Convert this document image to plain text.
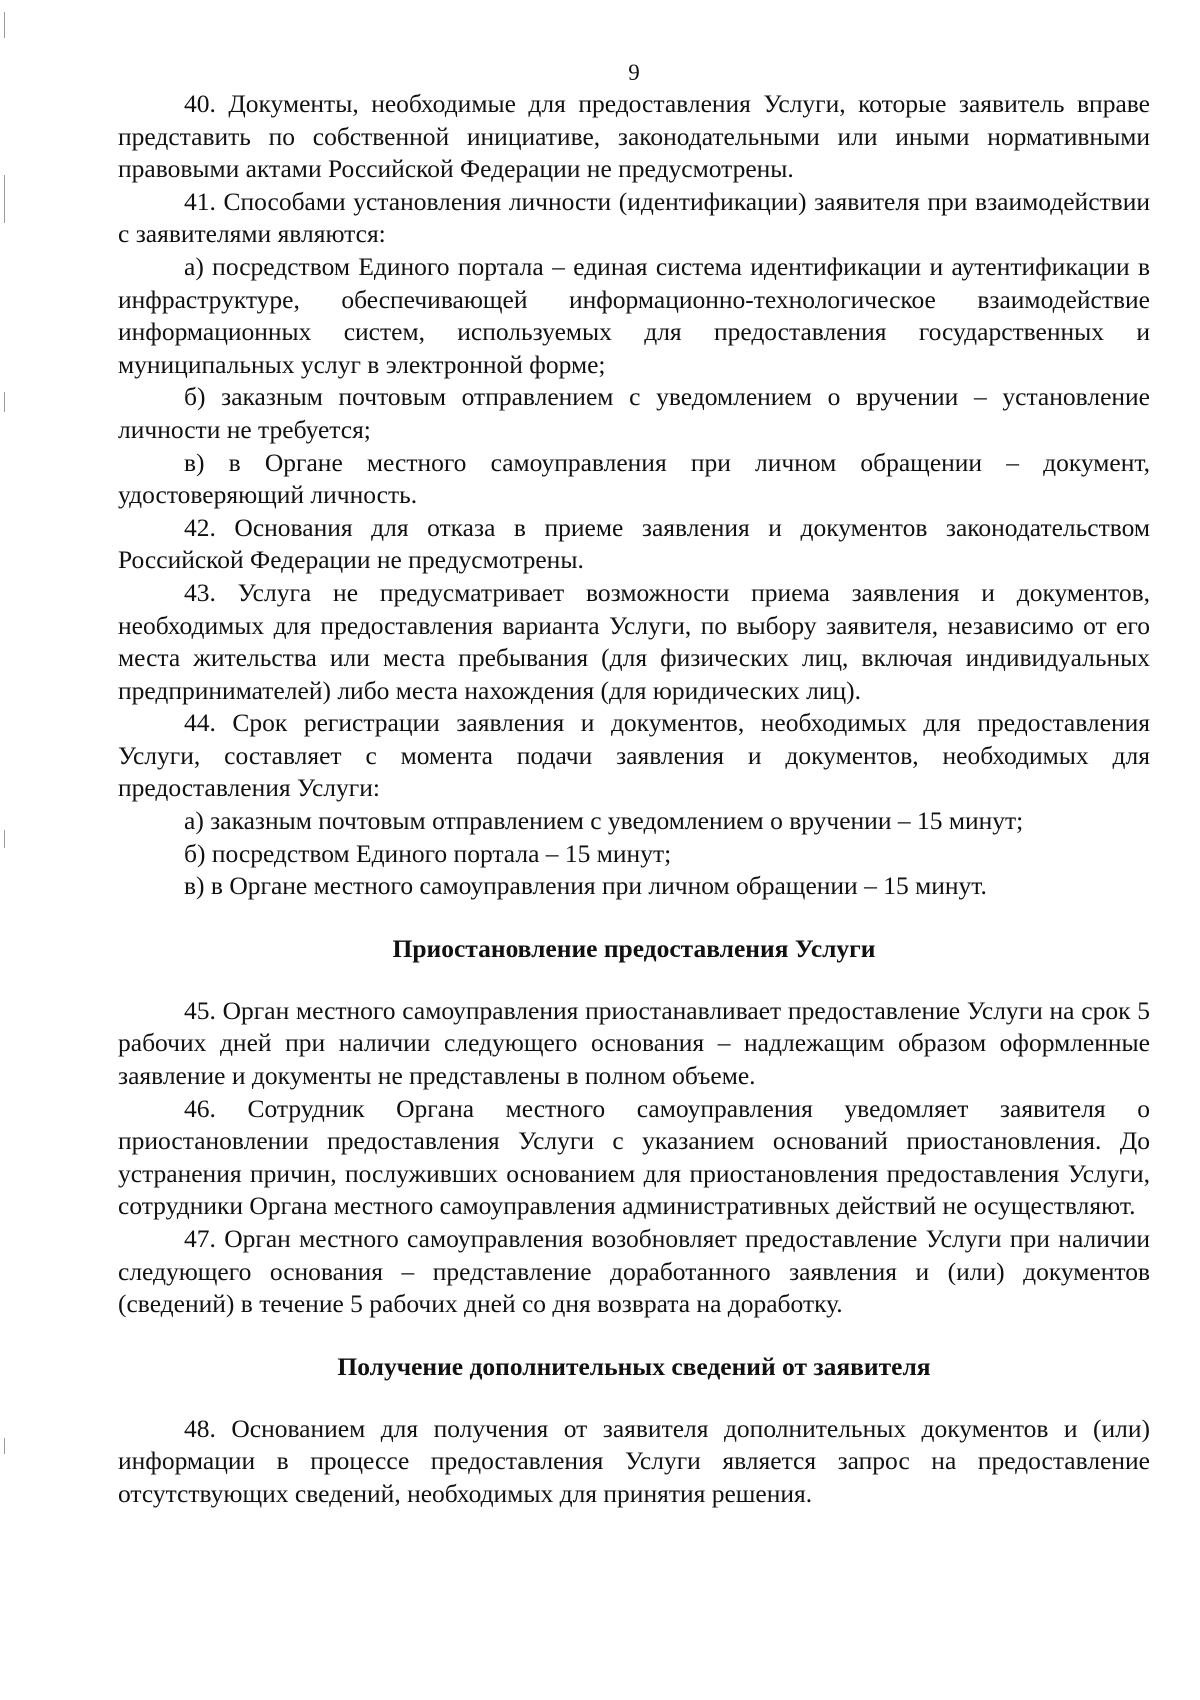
9

40. Документы, необходимые для предоставления Услуги, которые заявитель вправе представить по собственной инициативе, законодательными или иными нормативными правовыми актами Российской Федерации не предусмотрены.

41. Способами установления личности (идентификации) заявителя при взаимодействии с заявителями являются:

а) посредством Единого портала – единая система идентификации и аутентификации в инфраструктуре, обеспечивающей информационно-технологическое взаимодействие информационных систем, используемых для предоставления государственных и муниципальных услуг в электронной форме;

б) заказным почтовым отправлением с уведомлением о вручении – установление личности не требуется;

в) в Органе местного самоуправления при личном обращении – документ, удостоверяющий личность.

42. Основания для отказа в приеме заявления и документов законодательством Российской Федерации не предусмотрены.

43. Услуга не предусматривает возможности приема заявления и документов, необходимых для предоставления варианта Услуги, по выбору заявителя, независимо от его места жительства или места пребывания (для физических лиц, включая индивидуальных предпринимателей) либо места нахождения (для юридических лиц).

44. Срок регистрации заявления и документов, необходимых для предоставления Услуги, составляет с момента подачи заявления и документов, необходимых для предоставления Услуги:

а) заказным почтовым отправлением с уведомлением о вручении – 15 минут;

б) посредством Единого портала – 15 минут;

в) в Органе местного самоуправления при личном обращении – 15 минут.

Приостановление предоставления Услуги

45. Орган местного самоуправления приостанавливает предоставление Услуги на срок 5 рабочих дней при наличии следующего основания – надлежащим образом оформленные заявление и документы не представлены в полном объеме.

46. Сотрудник Органа местного самоуправления уведомляет заявителя о приостановлении предоставления Услуги с указанием оснований приостановления. До устранения причин, послуживших основанием для приостановления предоставления Услуги, сотрудники Органа местного самоуправления административных действий не осуществляют.

47. Орган местного самоуправления возобновляет предоставление Услуги при наличии следующего основания – представление доработанного заявления и (или) документов (сведений) в течение 5 рабочих дней со дня возврата на доработку.

Получение дополнительных сведений от заявителя

48. Основанием для получения от заявителя дополнительных документов и (или) информации в процессе предоставления Услуги является запрос на предоставление отсутствующих сведений, необходимых для принятия решения.
